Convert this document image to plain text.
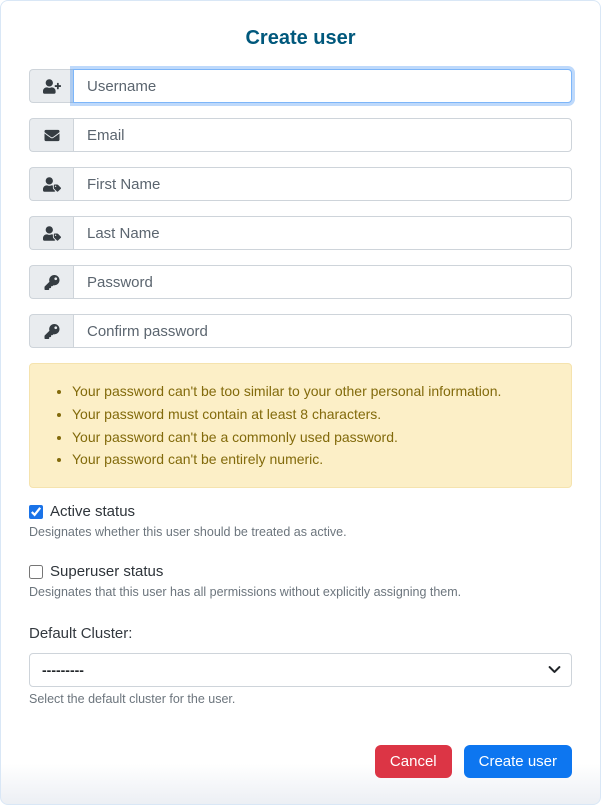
Create user
Username
Email
First Name
Last Name
• Your password can't be too similar to your other personal information.
• Your password must contain at least 8 characters.
• Your password can't be a commonly used password.
• Your password can't be entirely numeric.
Active status
Designates whether this user should be treated as active.
Superuser status
Designates that this user has all permissions without explicitly assigning them.
Default Cluster:
---------
Select the default cluster for the user.
Cancel	Create user
